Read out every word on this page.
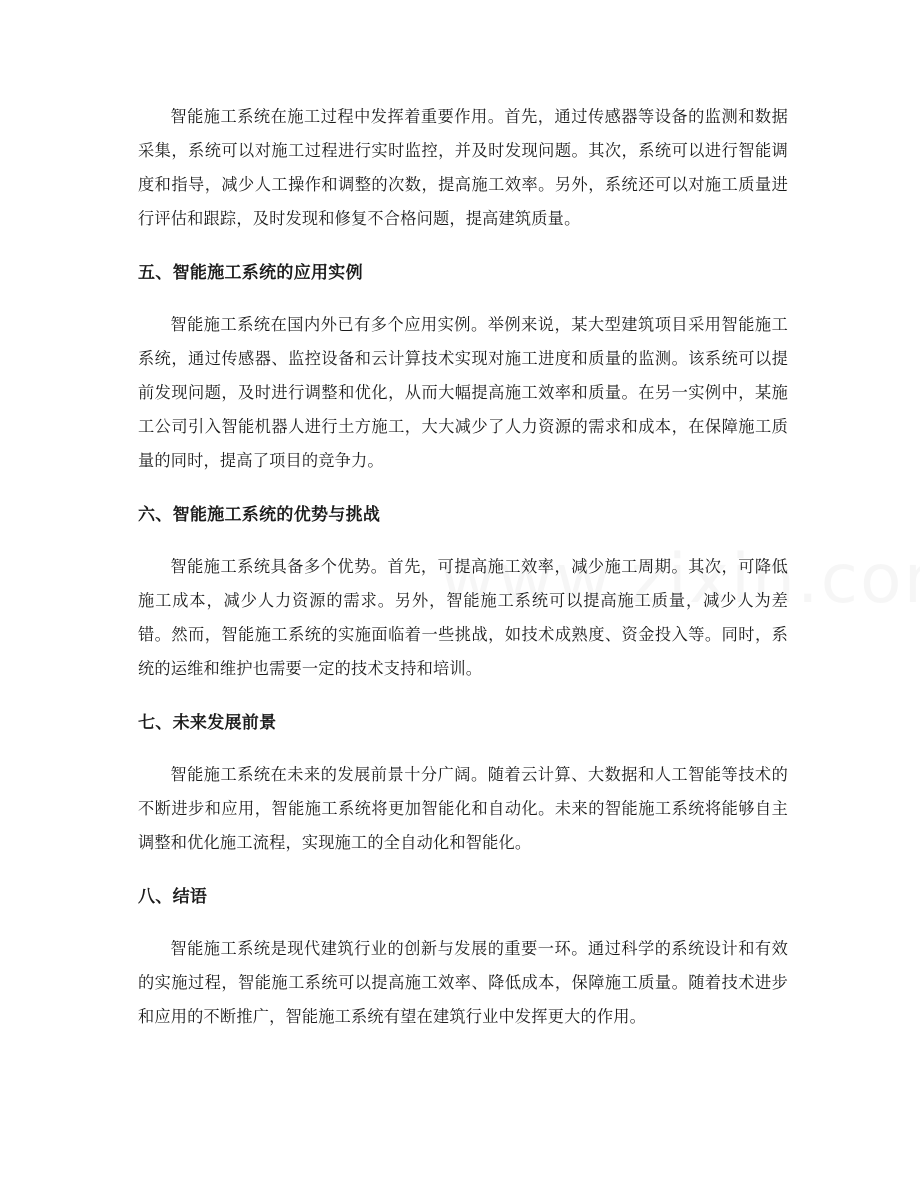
智能施工系统在施工过程中发挥着重要作用。首先，通过传感器等设备的监测和数据采集，系统可以对施工过程进行实时监控，并及时发现问题。其次，系统可以进行智能调度和指导，减少人工操作和调整的次数，提高施工效率。另外，系统还可以对施工质量进行评估和跟踪，及时发现和修复不合格问题，提高建筑质量。

五、智能施工系统的应用实例

智能施工系统在国内外已有多个应用实例。举例来说，某大型建筑项目采用智能施工系统，通过传感器、监控设备和云计算技术实现对施工进度和质量的监测。该系统可以提前发现问题，及时进行调整和优化，从而大幅提高施工效率和质量。在另一实例中，某施工公司引入智能机器人进行土方施工，大大减少了人力资源的需求和成本，在保障施工质量的同时，提高了项目的竞争力。

六、智能施工系统的优势与挑战

智能施工系统具备多个优势。首先，可提高施工效率，减少施工周期。其次，可降低施工成本，减少人力资源的需求。另外，智能施工系统可以提高施工质量，减少人为差错。然而，智能施工系统的实施面临着一些挑战，如技术成熟度、资金投入等。同时，系统的运维和维护也需要一定的技术支持和培训。

七、未来发展前景

智能施工系统在未来的发展前景十分广阔。随着云计算、大数据和人工智能等技术的不断进步和应用，智能施工系统将更加智能化和自动化。未来的智能施工系统将能够自主调整和优化施工流程，实现施工的全自动化和智能化。

八、结语

智能施工系统是现代建筑行业的创新与发展的重要一环。通过科学的系统设计和有效的实施过程，智能施工系统可以提高施工效率、降低成本，保障施工质量。随着技术进步和应用的不断推广，智能施工系统有望在建筑行业中发挥更大的作用。
